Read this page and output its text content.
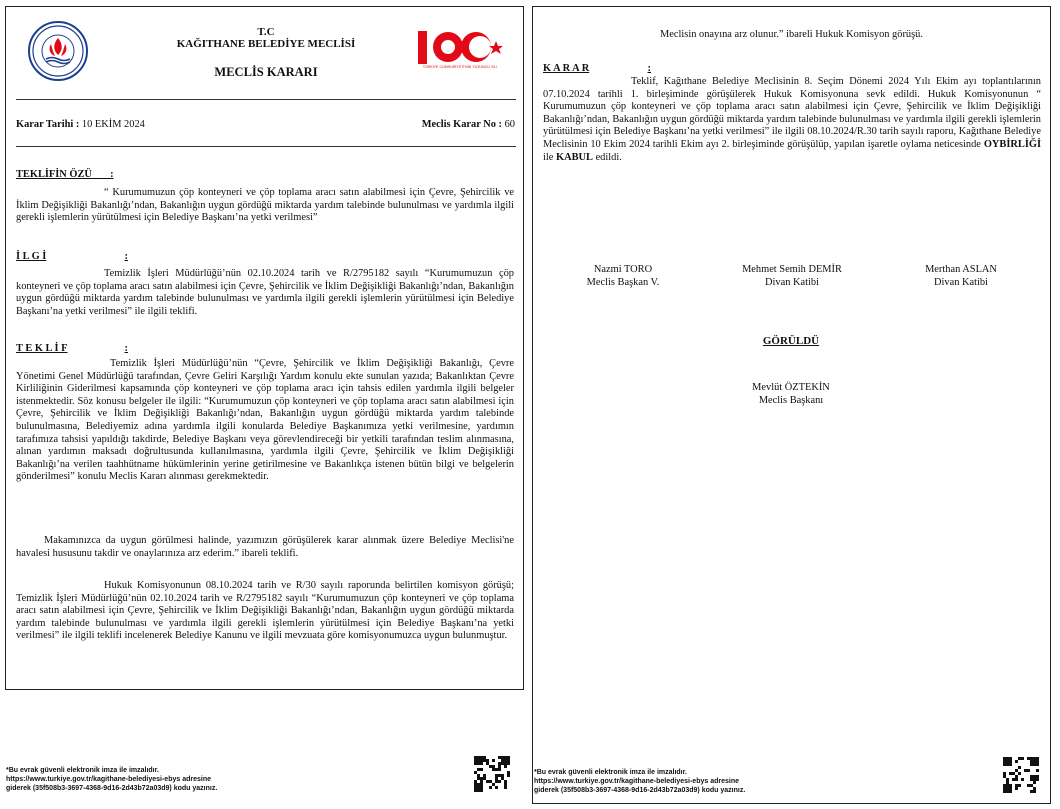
T.C
KAĞITHANE BELEDİYE MECLİSİ
MECLİS KARARI	TÜRKİYE CUMHURİYETİ'NİN YÜZÜNCÜ YILI
Karar Tarihi : 10 EKİM 2024	Meclis Karar No : 60
TEKLİFİN ÖZÜ :
“ Kurumumuzun çöp konteyneri ve çöp toplama aracı satın alabilmesi için Çevre, Şehircilik ve İklim Değişikliği Bakanlığı’ndan, Bakanlığın uygun gördüğü miktarda yardım talebinde bulunulması ve yardımla ilgili gerekli işlemlerin yürütülmesi için Belediye Başkanı’na yetki verilmesi”
İ L G İ	:
Temizlik İşleri Müdürlüğü’nün 02.10.2024 tarih ve R/2795182 sayılı “Kurumumuzun çöp konteyneri ve çöp toplama aracı satın alabilmesi için Çevre, Şehircilik ve İklim Değişikliği Bakanlığı’ndan, Bakanlığın uygun gördüğü miktarda yardım talebinde bulunulması ve yardımla ilgili gerekli işlemlerin yürütülmesi için Belediye Başkanı’na yetki verilmesi” ile ilgili teklifi.
T E K L İ F	:
Temizlik İşleri Müdürlüğü’nün “Çevre, Şehircilik ve İklim Değişikliği Bakanlığı, Çevre Yönetimi Genel Müdürlüğü tarafından, Çevre Geliri Karşılığı Yardım konulu ekte sunulan yazıda; Bakanlıktan Çevre Kirliliğinin Giderilmesi kapsamında çöp konteyneri ve çöp toplama aracı için tahsis edilen yardımla ilgili belgeler istenmektedir. Söz konusu belgeler ile ilgili: “Kurumumuzun çöp konteyneri ve çöp toplama aracı satın alabilmesi için Çevre, Şehircilik ve İklim Değişikliği Bakanlığı’ndan, Bakanlığın uygun gördüğü miktarda yardım talebinde bulunulmasına, Belediyemiz adına yardımla ilgili konularda Belediye Başkanımıza yetki verilmesine, yardımın tarafımıza tahsisi yapıldığı takdirde, Belediye Başkanı veya görevlendireceği bir yetkili tarafından teslim alınmasına, alınan yardımın maksadı doğrultusunda kullanılmasına, yardımla ilgili Çevre, Şehircilik ve İklim Değişikliği Bakanlığı’na verilen taahhütname hükümlerinin yerine getirilmesine ve Bakanlıkça istenen bütün bilgi ve belgelerin gönderilmesi” konulu Meclis Kararı alınması gerekmektedir.
Makamınızca da uygun görülmesi halinde, yazımızın görüşülerek karar alınmak üzere Belediye Meclisi'ne havalesi hususunu takdir ve onaylarınıza arz ederim.” ibareli teklifi.
Hukuk Komisyonunun 08.10.2024 tarih ve R/30 sayılı raporunda belirtilen komisyon görüşü; Temizlik İşleri Müdürlüğü’nün 02.10.2024 tarih ve R/2795182 sayılı “Kurumumuzun çöp konteyneri ve çöp toplama aracı satın alabilmesi için Çevre, Şehircilik ve İklim Değişikliği Bakanlığı’ndan, Bakanlığın uygun gördüğü miktarda yardım talebinde bulunulması ve yardımla ilgili gerekli işlemlerin yürütülmesi için Belediye Başkanı’na yetki verilmesi” ile ilgili teklifi incelenerek Belediye Kanunu ve ilgili mevzuata göre komisyonumuzca uygun bulunmuştur.
*Bu evrak güvenli elektronik imza ile imzalıdır.
https://www.turkiye.gov.tr/kagithane-belediyesi-ebys adresine
giderek (35f508b3-3697-4368-9d16-2d43b72a03d9) kodu yazınız.
Meclisin onayına arz olunur.” ibareli Hukuk Komisyon görüşü.
K A R A R	:
Teklif, Kağıthane Belediye Meclisinin 8. Seçim Dönemi 2024 Yılı Ekim ayı toplantılarının 07.10.2024 tarihli 1. birleşiminde görüşülerek Hukuk Komisyonuna sevk edildi. Hukuk Komisyonunun “ Kurumumuzun çöp konteyneri ve çöp toplama aracı satın alabilmesi için Çevre, Şehircilik ve İklim Değişikliği Bakanlığı’ndan, Bakanlığın uygun gördüğü miktarda yardım talebinde bulunulması ve yardımla ilgili gerekli işlemlerin yürütülmesi için Belediye Başkanı’na yetki verilmesi” ile ilgili 08.10.2024/R.30 tarih sayılı raporu, Kağıthane Belediye Meclisinin 10 Ekim 2024 tarihli Ekim ayı 2. birleşiminde görüşülüp, yapılan işaretle oylama neticesinde OYBİRLİĞİ ile KABUL edildi.
Nazmi TORO
Meclis Başkan V.
Mehmet Semih DEMİR
Divan Katibi
Merthan ASLAN
Divan Katibi
GÖRÜLDÜ
Mevlüt ÖZTEKİN
Meclis Başkanı
*Bu evrak güvenli elektronik imza ile imzalıdır.
https://www.turkiye.gov.tr/kagithane-belediyesi-ebys adresine
giderek (35f508b3-3697-4368-9d16-2d43b72a03d9) kodu yazınız.
